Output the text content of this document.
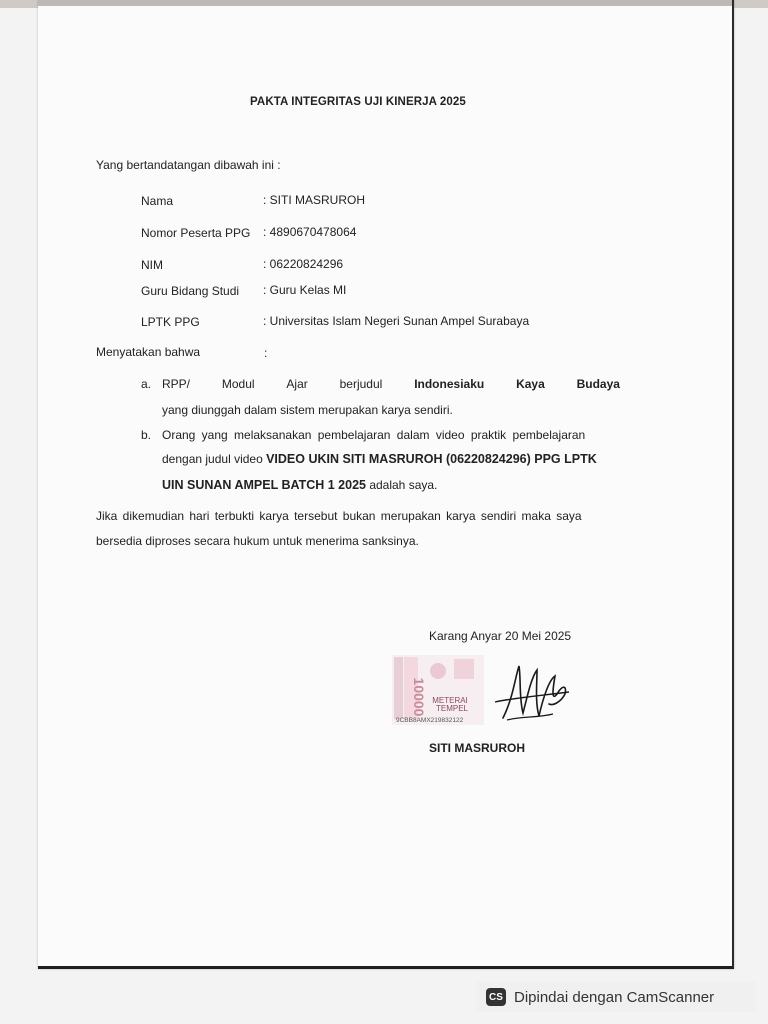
PAKTA INTEGRITAS UJI KINERJA 2025
Yang bertandatangan dibawah ini :
Nama	: SITI MASRUROH
Nomor Peserta PPG : 4890670478064
NIM	: 06220824296
Guru Bidang Studi : Guru Kelas MI
LPTK PPG	: Universitas Islam Negeri Sunan Ampel Surabaya
Menyatakan bahwa	:
a. RPP/	Modul	Ajar	berjudul	Indonesiaku	Kaya	Budaya
yang diunggah dalam sistem merupakan karya sendiri.
b. Orang yang melaksanakan pembelajaran dalam video praktik pembelajaran
dengan judul video VIDEO UKIN SITI MASRUROH (06220824296) PPG LPTK
UIN SUNAN AMPEL BATCH 1 2025 adalah saya.
Jika dikemudian hari terbukti karya tersebut bukan merupakan karya sendiri maka saya
bersedia diproses secara hukum untuk menerima sanksinya.
Karang Anyar 20 Mei 2025
10000 METERAI
TEMPEL
9CBB8AMX219832122
SITI MASRUROH
CS Dipindai dengan CamScanner
